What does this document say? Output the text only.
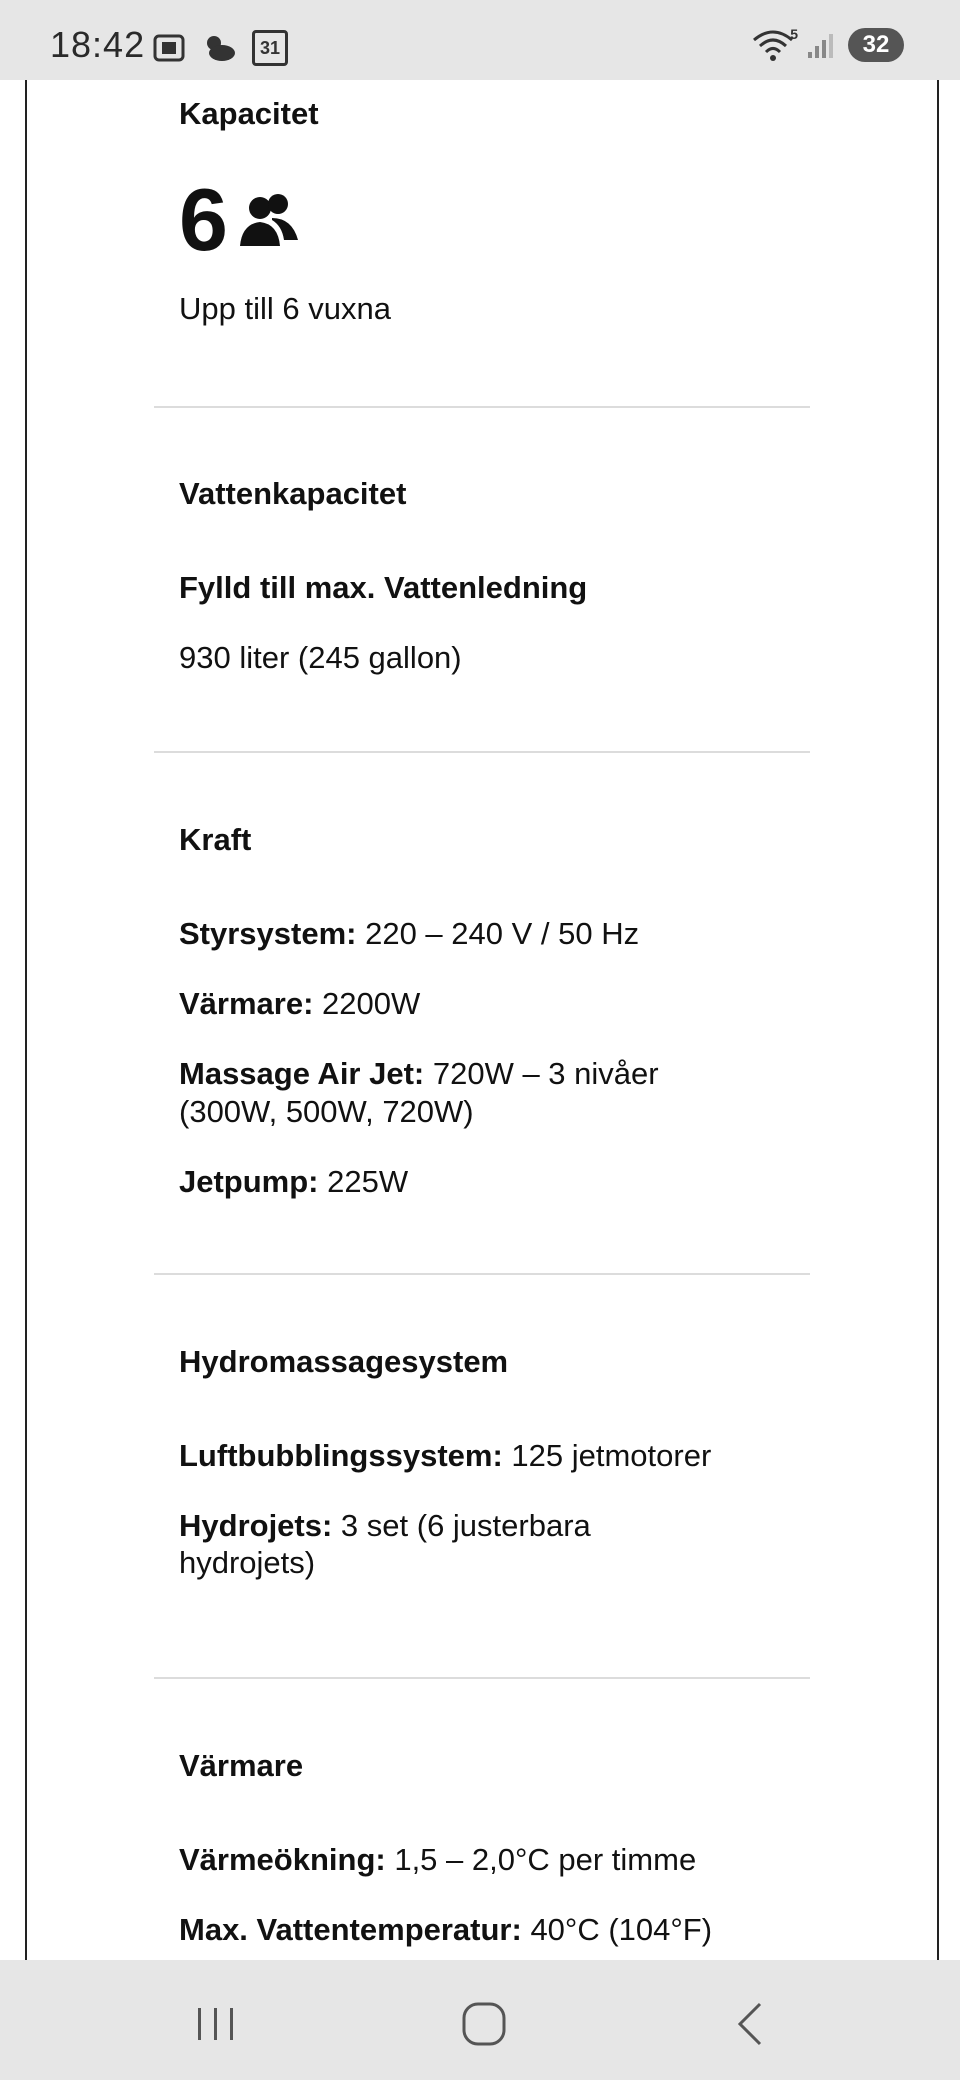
18:42	31
5	32
Kapacitet
6
Upp till 6 vuxna
Vattenkapacitet
Fylld till max. Vattenledning
930 liter (245 gallon)
Kraft
Styrsystem: 220 – 240 V / 50 Hz
Värmare: 2200W
Massage Air Jet: 720W – 3 nivåer (300W, 500W, 720W)
Jetpump: 225W
Hydromassagesystem
Luftbubblingssystem: 125 jetmotorer
Hydrojets: 3 set (6 justerbara hydrojets)
Värmare
Värmeökning: 1,5 – 2,0°C per timme
Max. Vattentemperatur: 40°C (104°F)
